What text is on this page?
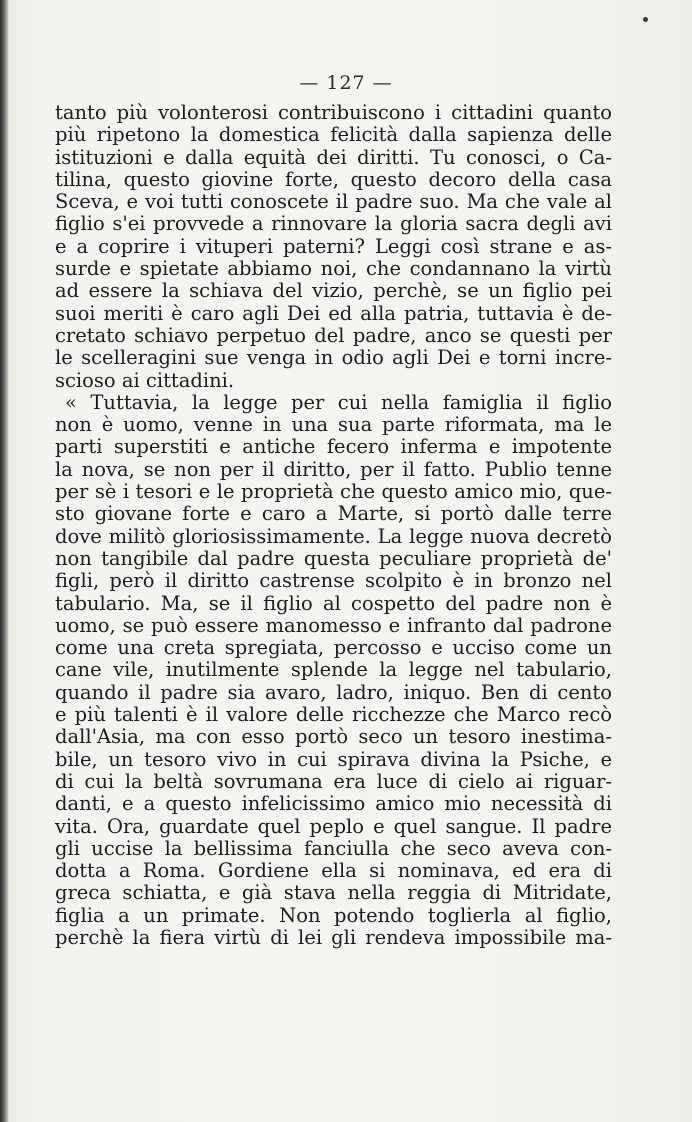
— 127 —
tanto più volonterosi contribuiscono i cittadini quanto
più ripetono la domestica felicità dalla sapienza delle
istituzioni e dalla equità dei diritti. Tu conosci, o Ca-
tilina, questo giovine forte, questo decoro della casa
Sceva, e voi tutti conoscete il padre suo. Ma che vale al
figlio s'ei provvede a rinnovare la gloria sacra degli avi
e a coprire i vituperi paterni? Leggi così strane e as-
surde e spietate abbiamo noi, che condannano la virtù
ad essere la schiava del vizio, perchè, se un figlio pei
suoi meriti è caro agli Dei ed alla patria, tuttavia è de-
cretato schiavo perpetuo del padre, anco se questi per
le scelleragini sue venga in odio agli Dei e torni incre-
scioso ai cittadini.
« Tuttavia, la legge per cui nella famiglia il figlio
non è uomo, venne in una sua parte riformata, ma le
parti superstiti e antiche fecero inferma e impotente
la nova, se non per il diritto, per il fatto. Publio tenne
per sè i tesori e le proprietà che questo amico mio, que-
sto giovane forte e caro a Marte, si portò dalle terre
dove militò gloriosissimamente. La legge nuova decretò
non tangibile dal padre questa peculiare proprietà de'
figli, però il diritto castrense scolpito è in bronzo nel
tabulario. Ma, se il figlio al cospetto del padre non è
uomo, se può essere manomesso e infranto dal padrone
come una creta spregiata, percosso e ucciso come un
cane vile, inutilmente splende la legge nel tabulario,
quando il padre sia avaro, ladro, iniquo. Ben di cento
e più talenti è il valore delle ricchezze che Marco recò
dall'Asia, ma con esso portò seco un tesoro inestima-
bile, un tesoro vivo in cui spirava divina la Psiche, e
di cui la beltà sovrumana era luce di cielo ai riguar-
danti, e a questo infelicissimo amico mio necessità di
vita. Ora, guardate quel peplo e quel sangue. Il padre
gli uccise la bellissima fanciulla che seco aveva con-
dotta a Roma. Gordiene ella si nominava, ed era di
greca schiatta, e già stava nella reggia di Mitridate,
figlia a un primate. Non potendo toglierla al figlio,
perchè la fiera virtù di lei gli rendeva impossibile ma-
